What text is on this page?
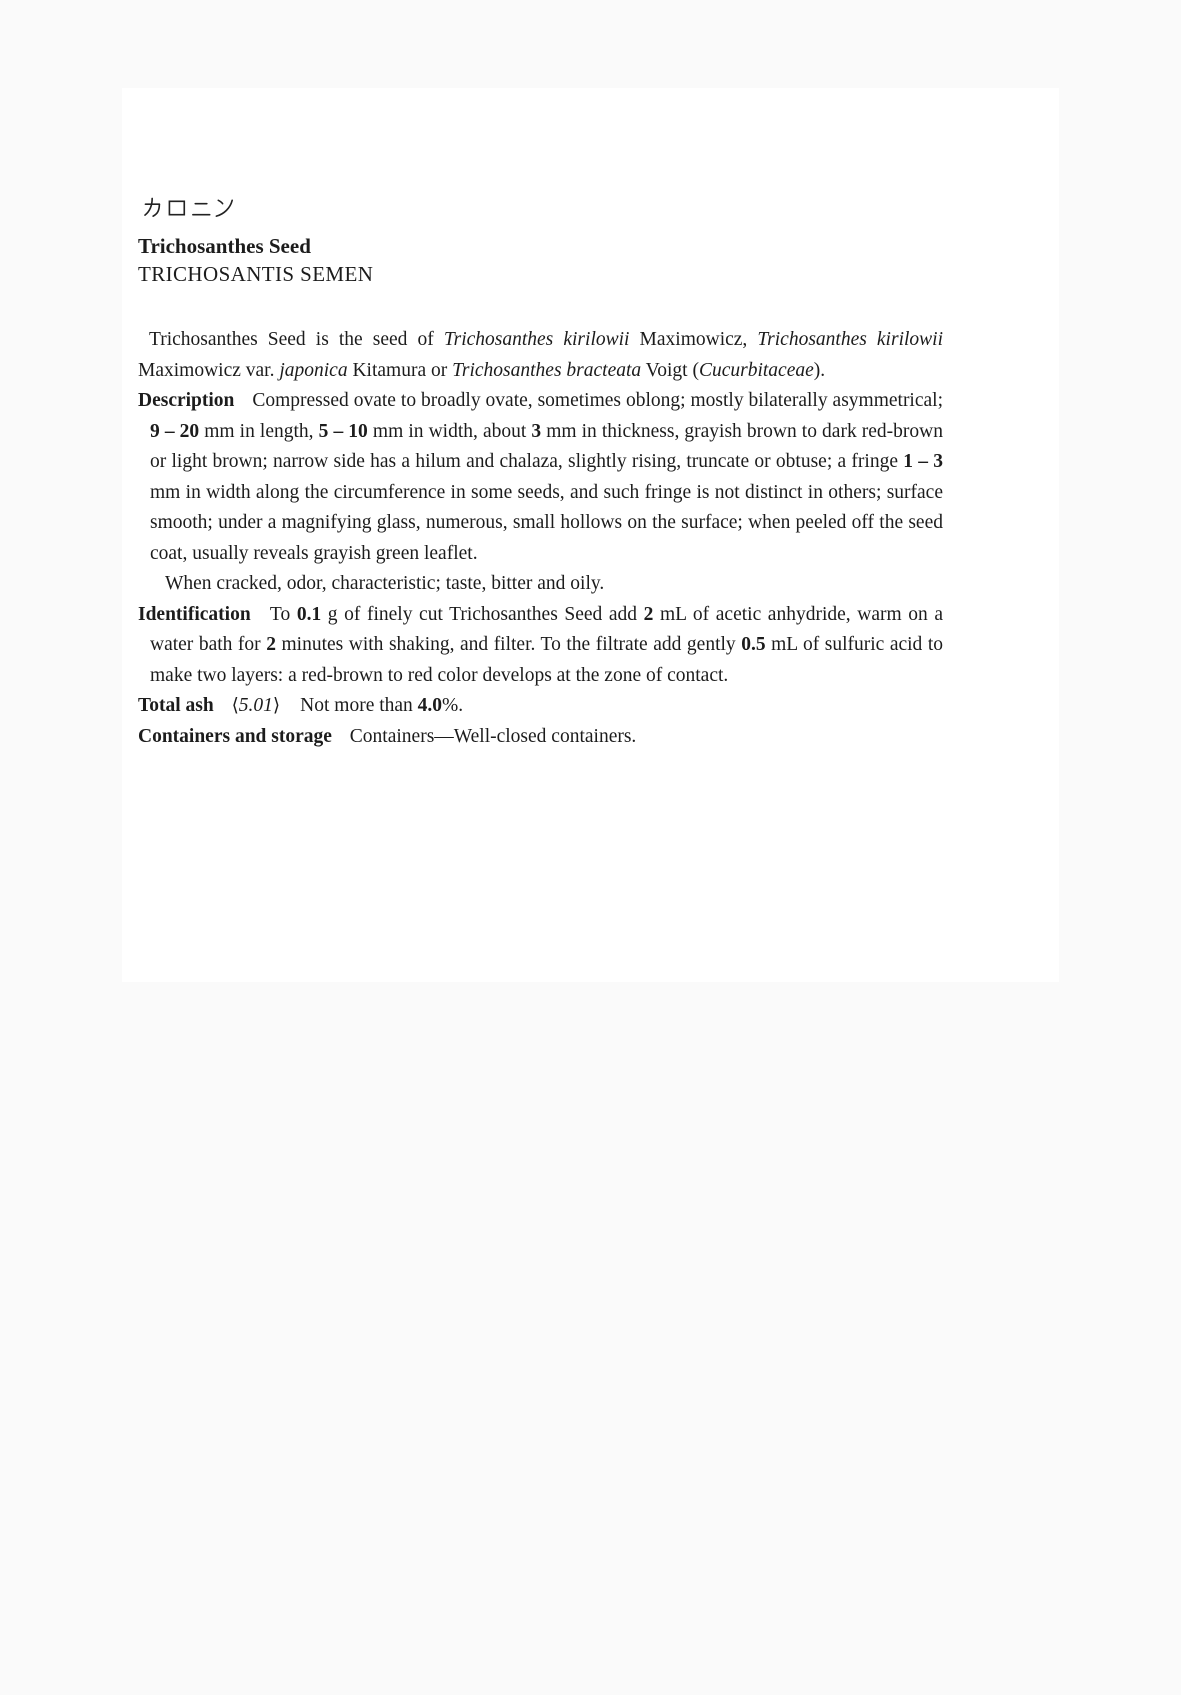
Trichosanthes Seed
TRICHOSANTIS SEMEN
Trichosanthes Seed is the seed of Trichosanthes kirilowii Maximowicz, Trichosanthes kirilowii Maximowicz var. japonica Kitamura or Trichosanthes bracteata Voigt (Cucurbitaceae).
Description Compressed ovate to broadly ovate, sometimes oblong; mostly bilaterally asymmetrical; 9 – 20 mm in length, 5 – 10 mm in width, about 3 mm in thickness, grayish brown to dark red-brown or light brown; narrow side has a hilum and chalaza, slightly rising, truncate or obtuse; a fringe 1 – 3 mm in width along the circumference in some seeds, and such fringe is not distinct in others; surface smooth; under a magnifying glass, numerous, small hollows on the surface; when peeled off the seed coat, usually reveals grayish green leaflet.
When cracked, odor, characteristic; taste, bitter and oily.
Identification To 0.1 g of finely cut Trichosanthes Seed add 2 mL of acetic anhydride, warm on a water bath for 2 minutes with shaking, and filter. To the filtrate add gently 0.5 mL of sulfuric acid to make two layers: a red-brown to red color develops at the zone of contact.
Total ash ⟨5.01⟩ Not more than 4.0%.
Containers and storage Containers—Well-closed containers.
